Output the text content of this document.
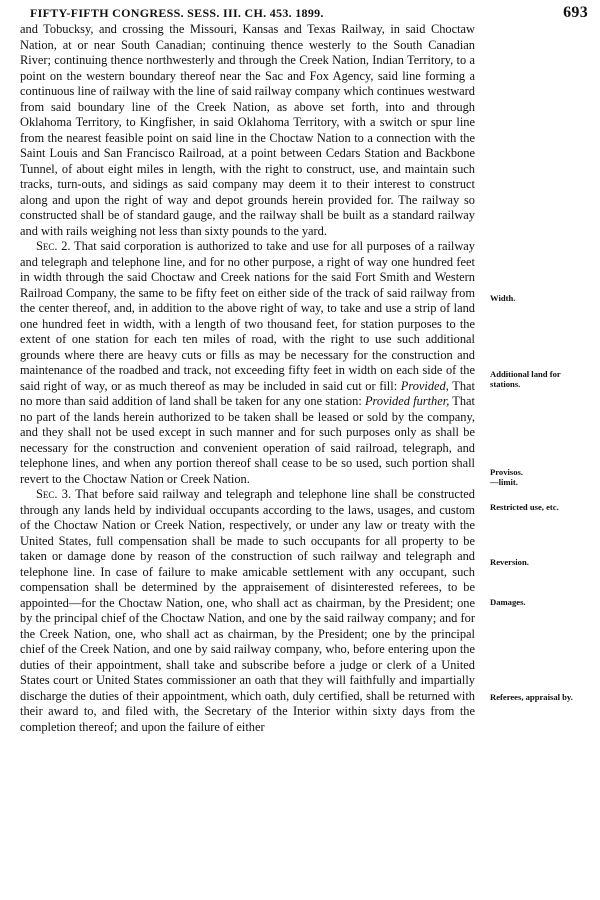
FIFTY-FIFTH CONGRESS. SESS. III. CH. 453. 1899.	693

and Tobucksy, and crossing the Missouri, Kansas and Texas Railway, in said Choctaw Nation, at or near South Canadian; continuing thence westerly to the South Canadian River; continuing thence northwesterly and through the Creek Nation, Indian Territory, to a point on the western boundary thereof near the Sac and Fox Agency, said line forming a continuous line of railway with the line of said railway company which continues westward from said boundary line of the Creek Nation, as above set forth, into and through Oklahoma Territory, to Kingfisher, in said Oklahoma Territory, with a switch or spur line from the nearest feasible point on said line in the Choctaw Nation to a connection with the Saint Louis and San Francisco Railroad, at a point between Cedars Station and Backbone Tunnel, of about eight miles in length, with the right to construct, use, and maintain such tracks, turn-outs, and sidings as said company may deem it to their interest to construct along and upon the right of way and depot grounds herein provided for. The railway so constructed shall be of standard gauge, and the railway shall be built as a standard railway and with rails weighing not less than sixty pounds to the yard.

Sec. 2. That said corporation is authorized to take and use for all purposes of a railway and telegraph and telephone line, and for no other purpose, a right of way one hundred feet in width through the said Choctaw and Creek nations for the said Fort Smith and Western Railroad Company, the same to be fifty feet on either side of the track of said railway from the center thereof, and, in addition to the above right of way, to take and use a strip of land one hundred feet in width, with a length of two thousand feet, for station purposes to the extent of one station for each ten miles of road, with the right to use such additional grounds where there are heavy cuts or fills as may be necessary for the construction and maintenance of the roadbed and track, not exceeding fifty feet in width on each side of the said right of way, or as much thereof as may be included in said cut or fill: Provided, That no more than said addition of land shall be taken for any one station: Provided further, That no part of the lands herein authorized to be taken shall be leased or sold by the company, and they shall not be used except in such manner and for such purposes only as shall be necessary for the construction and convenient operation of said railroad, telegraph, and telephone lines, and when any portion thereof shall cease to be so used, such portion shall revert to the Choctaw Nation or Creek Nation.

Sec. 3. That before said railway and telegraph and telephone line shall be constructed through any lands held by individual occupants according to the laws, usages, and custom of the Choctaw Nation or Creek Nation, respectively, or under any law or treaty with the United States, full compensation shall be made to such occupants for all property to be taken or damage done by reason of the construction of such railway and telegraph and telephone line. In case of failure to make amicable settlement with any occupant, such compensation shall be determined by the appraisement of disinterested referees, to be appointed—for the Choctaw Nation, one, who shall act as chairman, by the President; one by the principal chief of the Choctaw Nation, and one by the said railway company; and for the Creek Nation, one, who shall act as chairman, by the President; one by the principal chief of the Creek Nation, and one by said railway company, who, before entering upon the duties of their appointment, shall take and subscribe before a judge or clerk of a United States court or United States commissioner an oath that they will faithfully and impartially discharge the duties of their appointment, which oath, duly certified, shall be returned with their award to, and filed with, the Secretary of the Interior within sixty days from the completion thereof; and upon the failure of either

Width.
Additional land for stations.
Provisos.
—limit.
Restricted use, etc.
Reversion.
Damages.
Referees, appraisal by.
